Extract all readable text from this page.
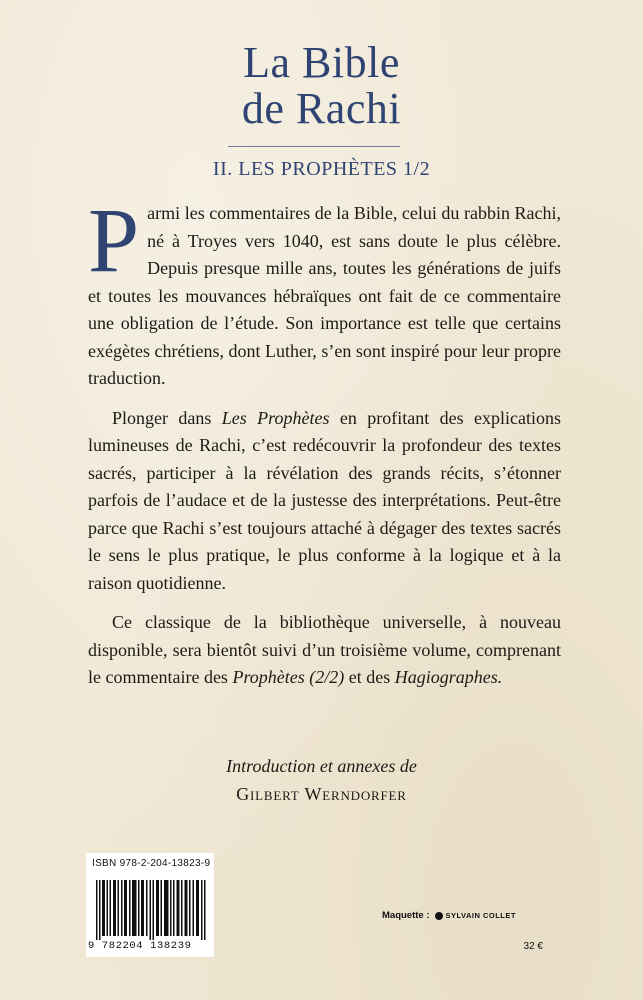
La Bible
de Rachi
II. LES PROPHÈTES 1/2

Parmi les commentaires de la Bible, celui du rabbin Rachi, né à Troyes vers 1040, est sans doute le plus célèbre. Depuis presque mille ans, toutes les générations de juifs et toutes les mouvances hébraïques ont fait de ce commentaire une obligation de l’étude. Son importance est telle que certains exégètes chrétiens, dont Luther, s’en sont inspiré pour leur propre traduction.

Plonger dans Les Prophètes en profitant des explications lumineuses de Rachi, c’est redécouvrir la profondeur des textes sacrés, participer à la révélation des grands récits, s’étonner parfois de l’audace et de la justesse des interprétations. Peut-être parce que Rachi s’est toujours attaché à dégager des textes sacrés le sens le plus pratique, le plus conforme à la logique et à la raison quotidienne.

Ce classique de la bibliothèque universelle, à nouveau disponible, sera bientôt suivi d’un troisième volume, comprenant le commentaire des Prophètes (2/2) et des Hagiographes.

Introduction et annexes de
Gilbert Werndorfer
ISBN 978-2-204-13823-9
9 782204 138239
Maquette : SYLVAIN COLLET
32 €
